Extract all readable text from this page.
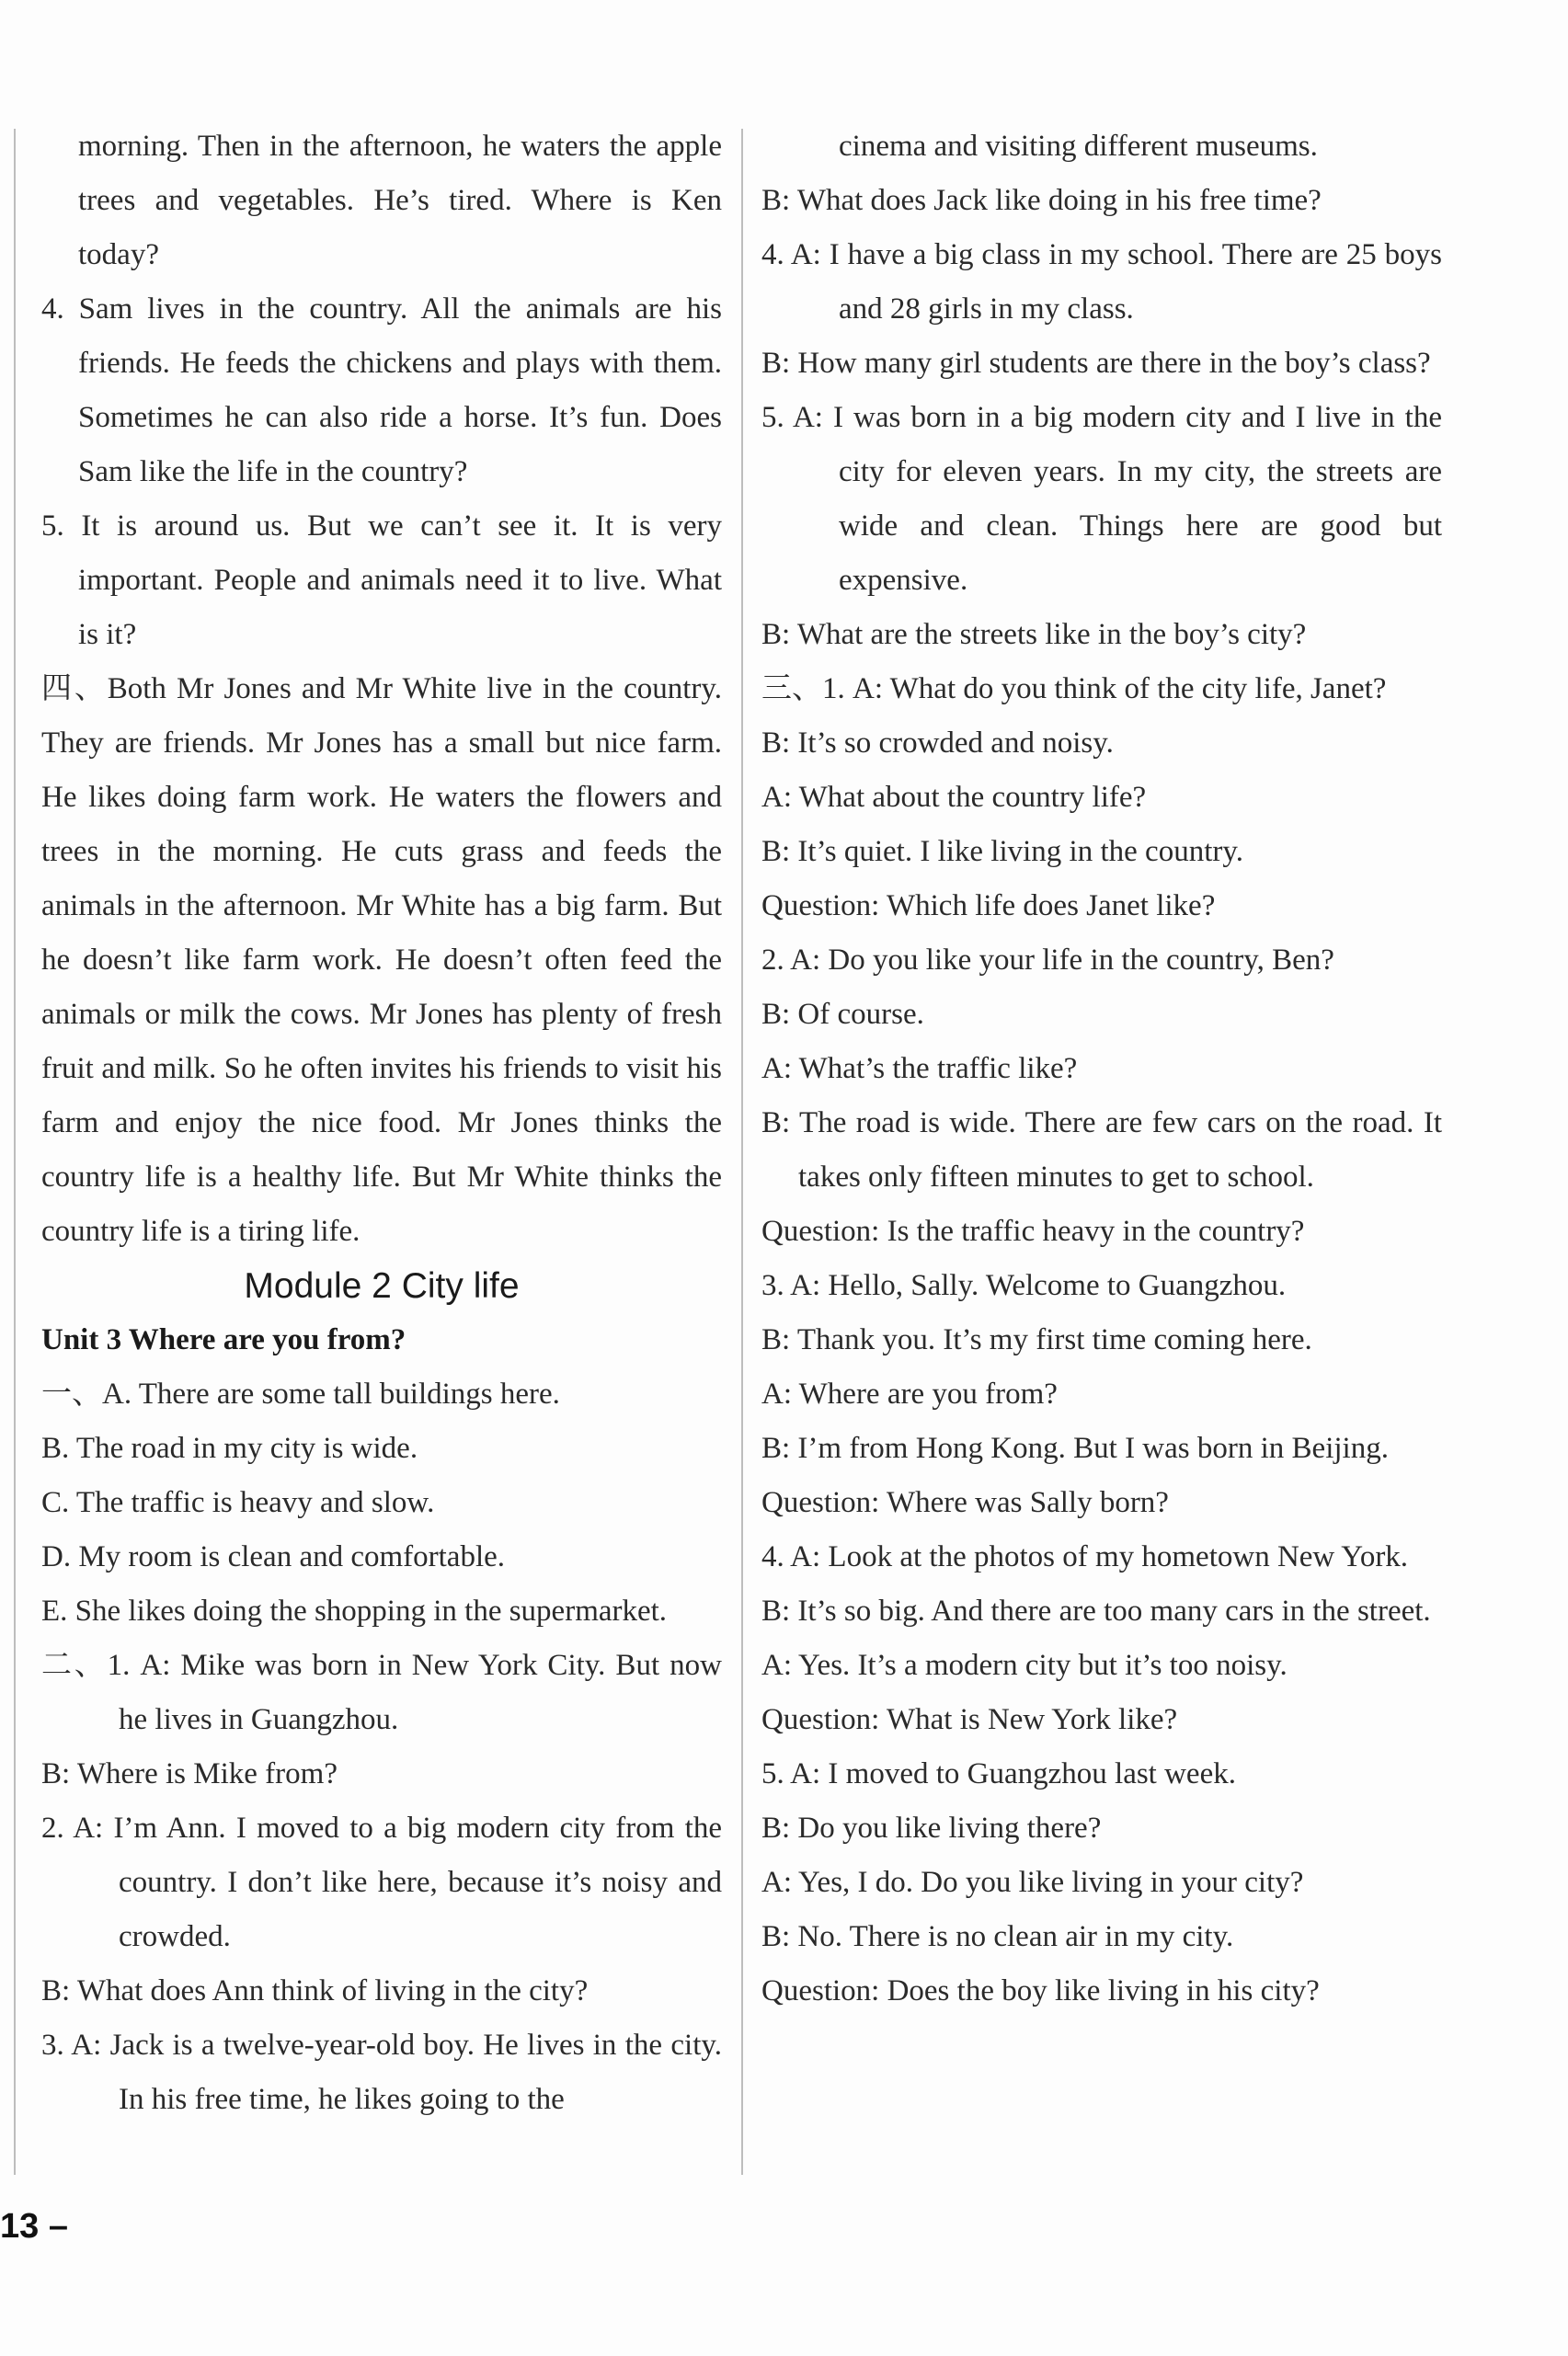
morning. Then in the afternoon, he waters the apple trees and vegetables. He’s tired. Where is Ken today?

4. Sam lives in the country. All the animals are his friends. He feeds the chickens and plays with them. Sometimes he can also ride a horse. It’s fun. Does Sam like the life in the country?

5. It is around us. But we can’t see it. It is very important. People and animals need it to live. What is it?

四、Both Mr Jones and Mr White live in the country. They are friends. Mr Jones has a small but nice farm. He likes doing farm work. He waters the flowers and trees in the morning. He cuts grass and feeds the animals in the afternoon. Mr White has a big farm. But he doesn’t like farm work. He doesn’t often feed the animals or milk the cows. Mr Jones has plenty of fresh fruit and milk. So he often invites his friends to visit his farm and enjoy the nice food. Mr Jones thinks the country life is a healthy life. But Mr White thinks the country life is a tiring life.

Module 2 City life

Unit 3 Where are you from?

一、A. There are some tall buildings here.

B. The road in my city is wide.

C. The traffic is heavy and slow.

D. My room is clean and comfortable.

E. She likes doing the shopping in the supermarket.

二、1. A: Mike was born in New York City. But now he lives in Guangzhou.

B: Where is Mike from?

2. A: I’m Ann. I moved to a big modern city from the country. I don’t like here, because it’s noisy and crowded.

B: What does Ann think of living in the city?

3. A: Jack is a twelve-year-old boy. He lives in the city. In his free time, he likes going to the

cinema and visiting different museums.

B: What does Jack like doing in his free time?

4. A: I have a big class in my school. There are 25 boys and 28 girls in my class.

B: How many girl students are there in the boy’s class?

5. A: I was born in a big modern city and I live in the city for eleven years. In my city, the streets are wide and clean. Things here are good but expensive.

B: What are the streets like in the boy’s city?

三、1. A: What do you think of the city life, Janet?

B: It’s so crowded and noisy.

A: What about the country life?

B: It’s quiet. I like living in the country.

Question: Which life does Janet like?

2. A: Do you like your life in the country, Ben?

B: Of course.

A: What’s the traffic like?

B: The road is wide. There are few cars on the road. It takes only fifteen minutes to get to school.

Question: Is the traffic heavy in the country?

3. A: Hello, Sally. Welcome to Guangzhou.

B: Thank you. It’s my first time coming here.

A: Where are you from?

B: I’m from Hong Kong. But I was born in Beijing.

Question: Where was Sally born?

4. A: Look at the photos of my hometown New York.

B: It’s so big. And there are too many cars in the street.

A: Yes. It’s a modern city but it’s too noisy.

Question: What is New York like?

5. A: I moved to Guangzhou last week.

B: Do you like living there?

A: Yes, I do. Do you like living in your city?

B: No. There is no clean air in my city.

Question: Does the boy like living in his city?

13 –
